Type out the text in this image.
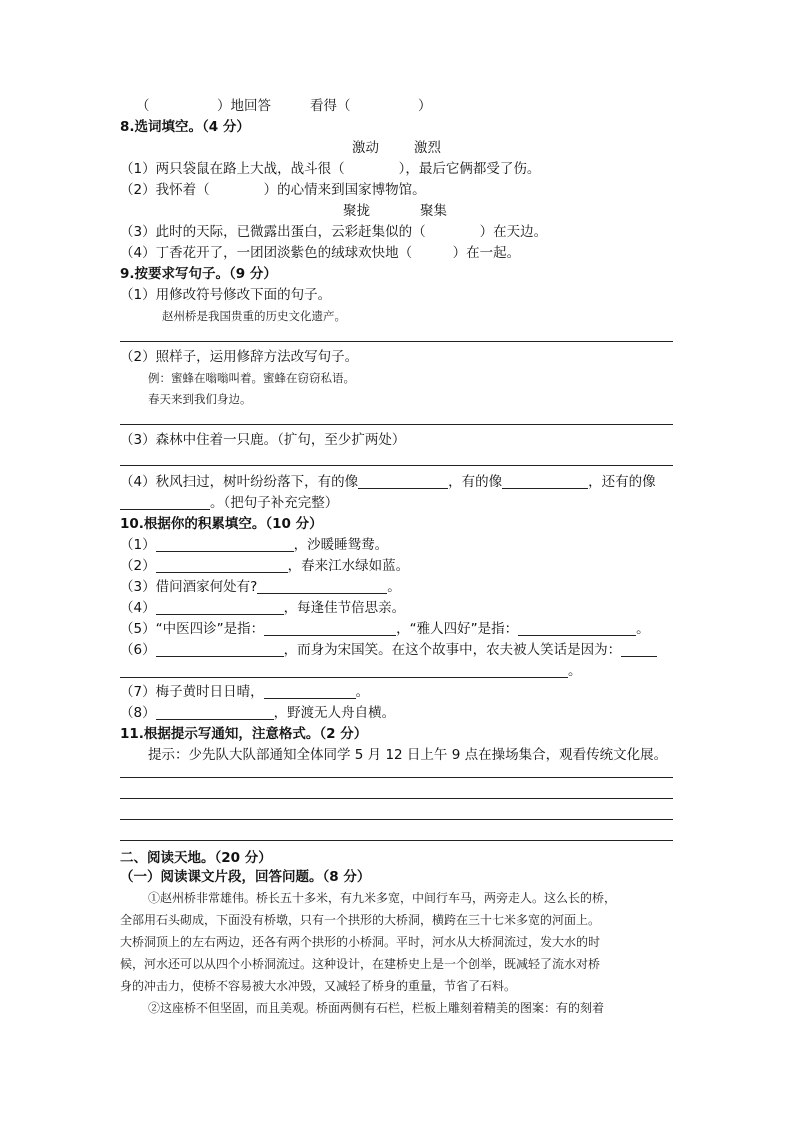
（　　　　　）地回答	看得（　　　　　）
8.选词填空。（4 分）
激动	激烈
（1）两只袋鼠在路上大战，战斗很（　　　　），最后它俩都受了伤。
（2）我怀着（　　　　）的心情来到国家博物馆。
聚拢	聚集
（3）此时的天际，已微露出蛋白，云彩赶集似的（　　　　）在天边。
（4）丁香花开了，一团团淡紫色的绒球欢快地（　　　）在一起。
9.按要求写句子。（9 分）
（1）用修改符号修改下面的句子。
赵州桥是我国贵重的历史文化遗产。
（2）照样子，运用修辞方法改写句子。
例：蜜蜂在嗡嗡叫着。蜜蜂在窃窃私语。
春天来到我们身边。
（3）森林中住着一只鹿。（扩句，至少扩两处）
（4）秋风扫过，树叶纷纷落下，有的像	，有的像	，还有的像
。（把句子补充完整）
10.根据你的积累填空。（10 分）
（1）	，沙暖睡鸳鸯。
（2）	，春来江水绿如蓝。
（3）借问酒家何处有?	。
（4）	，每逢佳节倍思亲。
（5）“中医四诊”是指：	，“雅人四好”是指：	。
（6）	，而身为宋国笑。在这个故事中，农夫被人笑话是因为：
。
（7）梅子黄时日日晴，	。
（8）	，野渡无人舟自横。
11.根据提示写通知，注意格式。（2 分）
提示：少先队大队部通知全体同学 5 月 12 日上午 9 点在操场集合，观看传统文化展。
二、阅读天地。（20 分）
（一）阅读课文片段，回答问题。（8 分）
①赵州桥非常雄伟。桥长五十多米，有九米多宽，中间行车马，两旁走人。这么长的桥，
全部用石头砌成，下面没有桥墩，只有一个拱形的大桥洞，横跨在三十七米多宽的河面上。
大桥洞顶上的左右两边，还各有两个拱形的小桥洞。平时，河水从大桥洞流过，发大水的时
候，河水还可以从四个小桥洞流过。这种设计，在建桥史上是一个创举，既减轻了流水对桥
身的冲击力，使桥不容易被大水冲毁，又减轻了桥身的重量，节省了石料。
②这座桥不但坚固，而且美观。桥面两侧有石栏，栏板上雕刻着精美的图案：有的刻着
